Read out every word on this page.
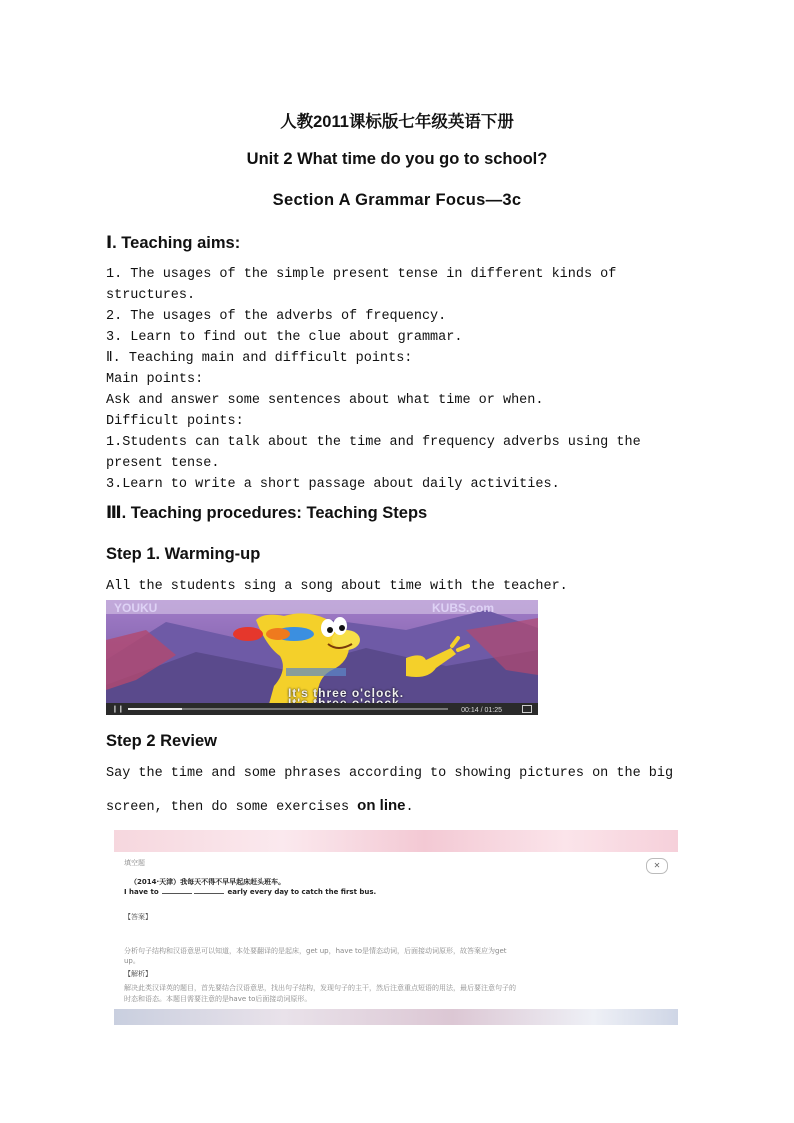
人教2011课标版七年级英语下册
Unit 2 What time do you go to school?
Section A Grammar Focus—3c
Ⅰ. Teaching aims:
1. The usages of the simple present tense in different kinds of
structures.
2. The usages of the adverbs of frequency.
3. Learn to find out the clue about grammar.
Ⅱ. Teaching main and difficult points:
Main points:
Ask and answer some sentences about what time or when.
Difficult points:
1.Students can talk about the time and frequency adverbs using the
present tense.
3.Learn to write a short passage about daily activities.
Ⅲ. Teaching procedures: Teaching Steps
Step 1. Warming-up
All the students sing a song about time with the teacher.
YOUKU	KUBS.com
It's three o'clock.
❙❙	00:14 / 01:25
Step 2 Review
Say the time and some phrases according to showing pictures on the big
screen, then do some exercises on line.
填空题	✕
（2014·天津）我每天不得不早早起床赶头班车。
I have to	early every day to catch the first bus.
【答案】
分析句子结构和汉语意思可以知道，本处要翻译的是起床，get up，have to是情态动词，后面接动词原形，故答案应为get
up。
【解析】
解决此类汉译英的题目，首先要结合汉语意思，找出句子结构，发现句子的主干，然后注意重点短语的用法，最后要注意句子的
时态和语态。本题目需要注意的是have to后面接动词原形。
